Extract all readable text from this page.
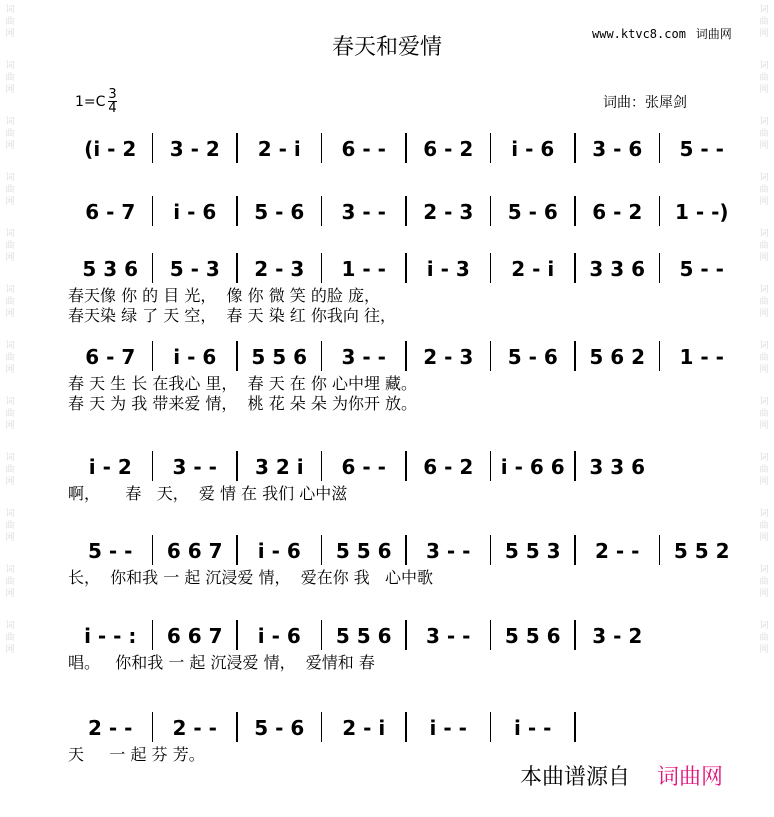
词曲网
词曲网
词曲网
词曲网
词曲网
词曲网
词曲网
词曲网
词曲网
词曲网
词曲网
词曲网
词曲网
词曲网
词曲网
词曲网
词曲网
词曲网
词曲网
词曲网
词曲网
词曲网
词曲网
词曲网
春天和爱情
www.ktvc8.com 词曲网
$1=C \frac{3}{4}$	词曲：张犀剑
(i - 2	3 - 2	2 - i	6 - -	6 - 2	i - 6	3 - 6	5 - -
6 - 7	i - 6	5 - 6	3 - -	2 - 3	5 - 6	6 - 2	1 - -)
5 3 6	5 - 3	2 - 3	1 - -	i - 3	2 - i	3 3 6	5 - -
春天像 你 的 目 光，  像 你 微 笑 的脸 庞，
春天染 绿 了 天 空，  春 天 染 红 你我向 往，
6 - 7	i - 6	5 5 6	3 - -	2 - 3	5 - 6	5 6 2	1 - -
春 天 生 长 在我心 里，  春 天 在 你 心中埋 藏。
春 天 为 我 带来爱 情，  桃 花 朵 朵 为你开 放。
i - 2	3 - -	3 2 i	6 - -	6 - 2	i - 6 6	3 3 6
啊，     春   天，  爱 情 在 我们 心中滋
5 - -	6 6 7	i - 6	5 5 6	3 - -	5 5 3	2 - -	5 5 2
长，  你和我 一 起 沉浸爱 情，  爱在你 我   心中歌
i - - :	6 6 7	i - 6	5 5 6	3 - -	5 5 6	3 - 2
唱。   你和我 一 起 沉浸爱 情，  爱情和 春
2 - -	2 - -	5 - 6	2 - i	i - -	i - -
天     一 起 芬 芳。
本曲谱源自 词曲网
